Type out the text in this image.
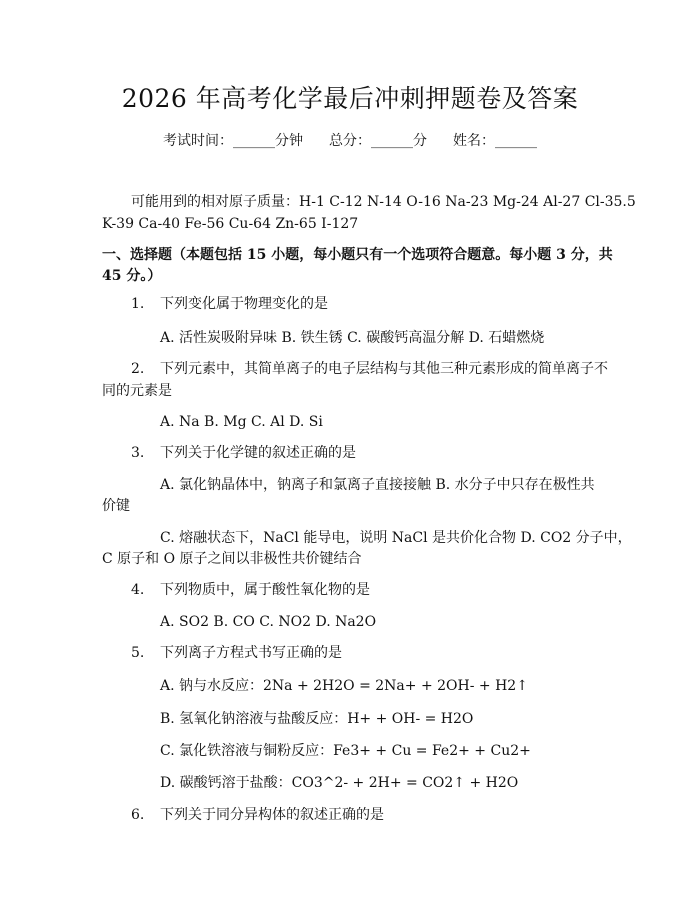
2026 年高考化学最后冲刺押题卷及答案
考试时间：______分钟 总分：______分 姓名：______
可能用到的相对原子质量：H-1 C-12 N-14 O-16 Na-23 Mg-24 Al-27 Cl-35.5
K-39 Ca-40 Fe-56 Cu-64 Zn-65 I-127
一、选择题（本题包括 15 小题，每小题只有一个选项符合题意。每小题 3 分，共
45 分。）
1. 下列变化属于物理变化的是
A. 活性炭吸附异味 B. 铁生锈 C. 碳酸钙高温分解 D. 石蜡燃烧
2. 下列元素中，其简单离子的电子层结构与其他三种元素形成的简单离子不
同的元素是
A. Na B. Mg C. Al D. Si
3. 下列关于化学键的叙述正确的是
A. 氯化钠晶体中，钠离子和氯离子直接接触 B. 水分子中只存在极性共
价键
C. 熔融状态下，NaCl 能导电，说明 NaCl 是共价化合物 D. CO2 分子中，
C 原子和 O 原子之间以非极性共价键结合
4. 下列物质中，属于酸性氧化物的是
A. SO2 B. CO C. NO2 D. Na2O
5. 下列离子方程式书写正确的是
A. 钠与水反应：2Na + 2H2O = 2Na+ + 2OH- + H2↑
B. 氢氧化钠溶液与盐酸反应：H+ + OH- = H2O
C. 氯化铁溶液与铜粉反应：Fe3+ + Cu = Fe2+ + Cu2+
D. 碳酸钙溶于盐酸：CO3^2- + 2H+ = CO2↑ + H2O
6. 下列关于同分异构体的叙述正确的是
